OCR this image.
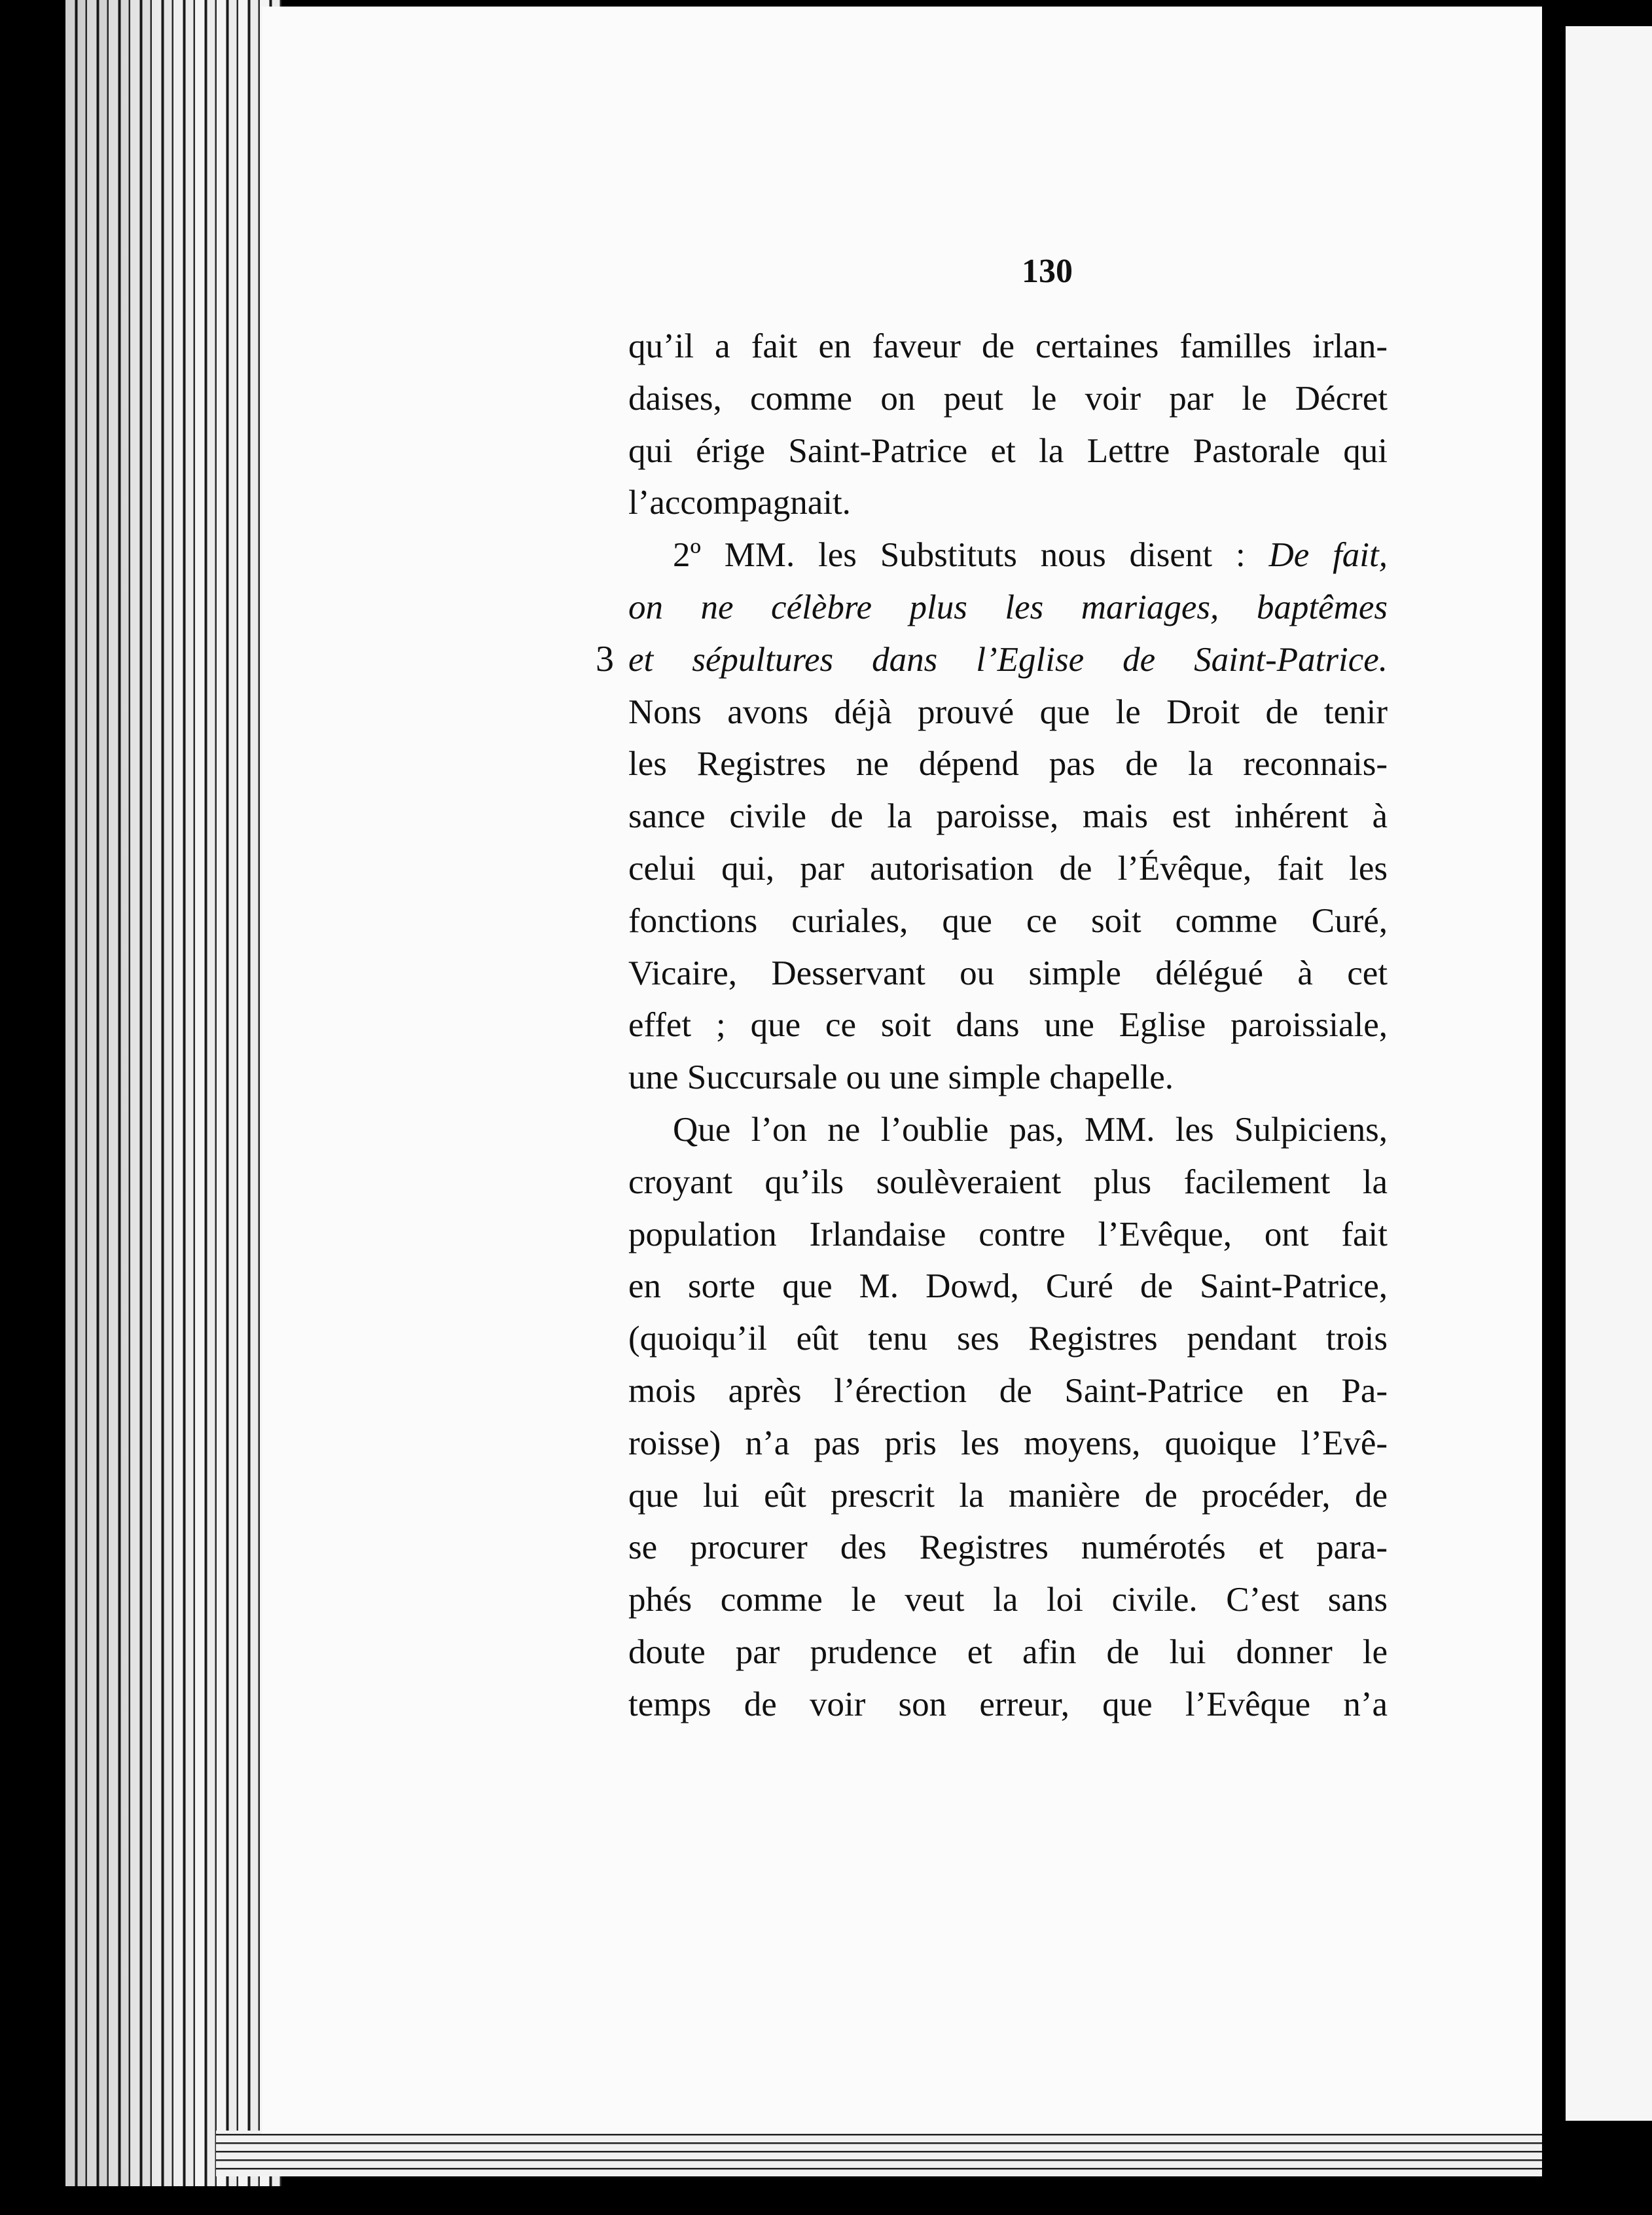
130
3
qu’il a fait en faveur de certaines familles irlan-
daises, comme on peut le voir par le Décret
qui érige Saint-Patrice et la Lettre Pastorale qui
l’accompagnait.
2º MM. les Substituts nous disent : De fait,
on ne célèbre plus les mariages, baptêmes
et sépultures dans l’Eglise de Saint-Patrice.
Nons avons déjà prouvé que le Droit de tenir
les Registres ne dépend pas de la reconnais-
sance civile de la paroisse, mais est inhérent à
celui qui, par autorisation de l’Évêque, fait les
fonctions curiales, que ce soit comme Curé,
Vicaire, Desservant ou simple délégué à cet
effet ; que ce soit dans une Eglise paroissiale,
une Succursale ou une simple chapelle.
Que l’on ne l’oublie pas, MM. les Sulpiciens,
croyant qu’ils soulèveraient plus facilement la
population Irlandaise contre l’Evêque, ont fait
en sorte que M. Dowd, Curé de Saint-Patrice,
(quoiqu’il eût tenu ses Registres pendant trois
mois après l’érection de Saint-Patrice en Pa-
roisse) n’a pas pris les moyens, quoique l’Evê-
que lui eût prescrit la manière de procéder, de
se procurer des Registres numérotés et para-
phés comme le veut la loi civile. C’est sans
doute par prudence et afin de lui donner le
temps de voir son erreur, que l’Evêque n’a
